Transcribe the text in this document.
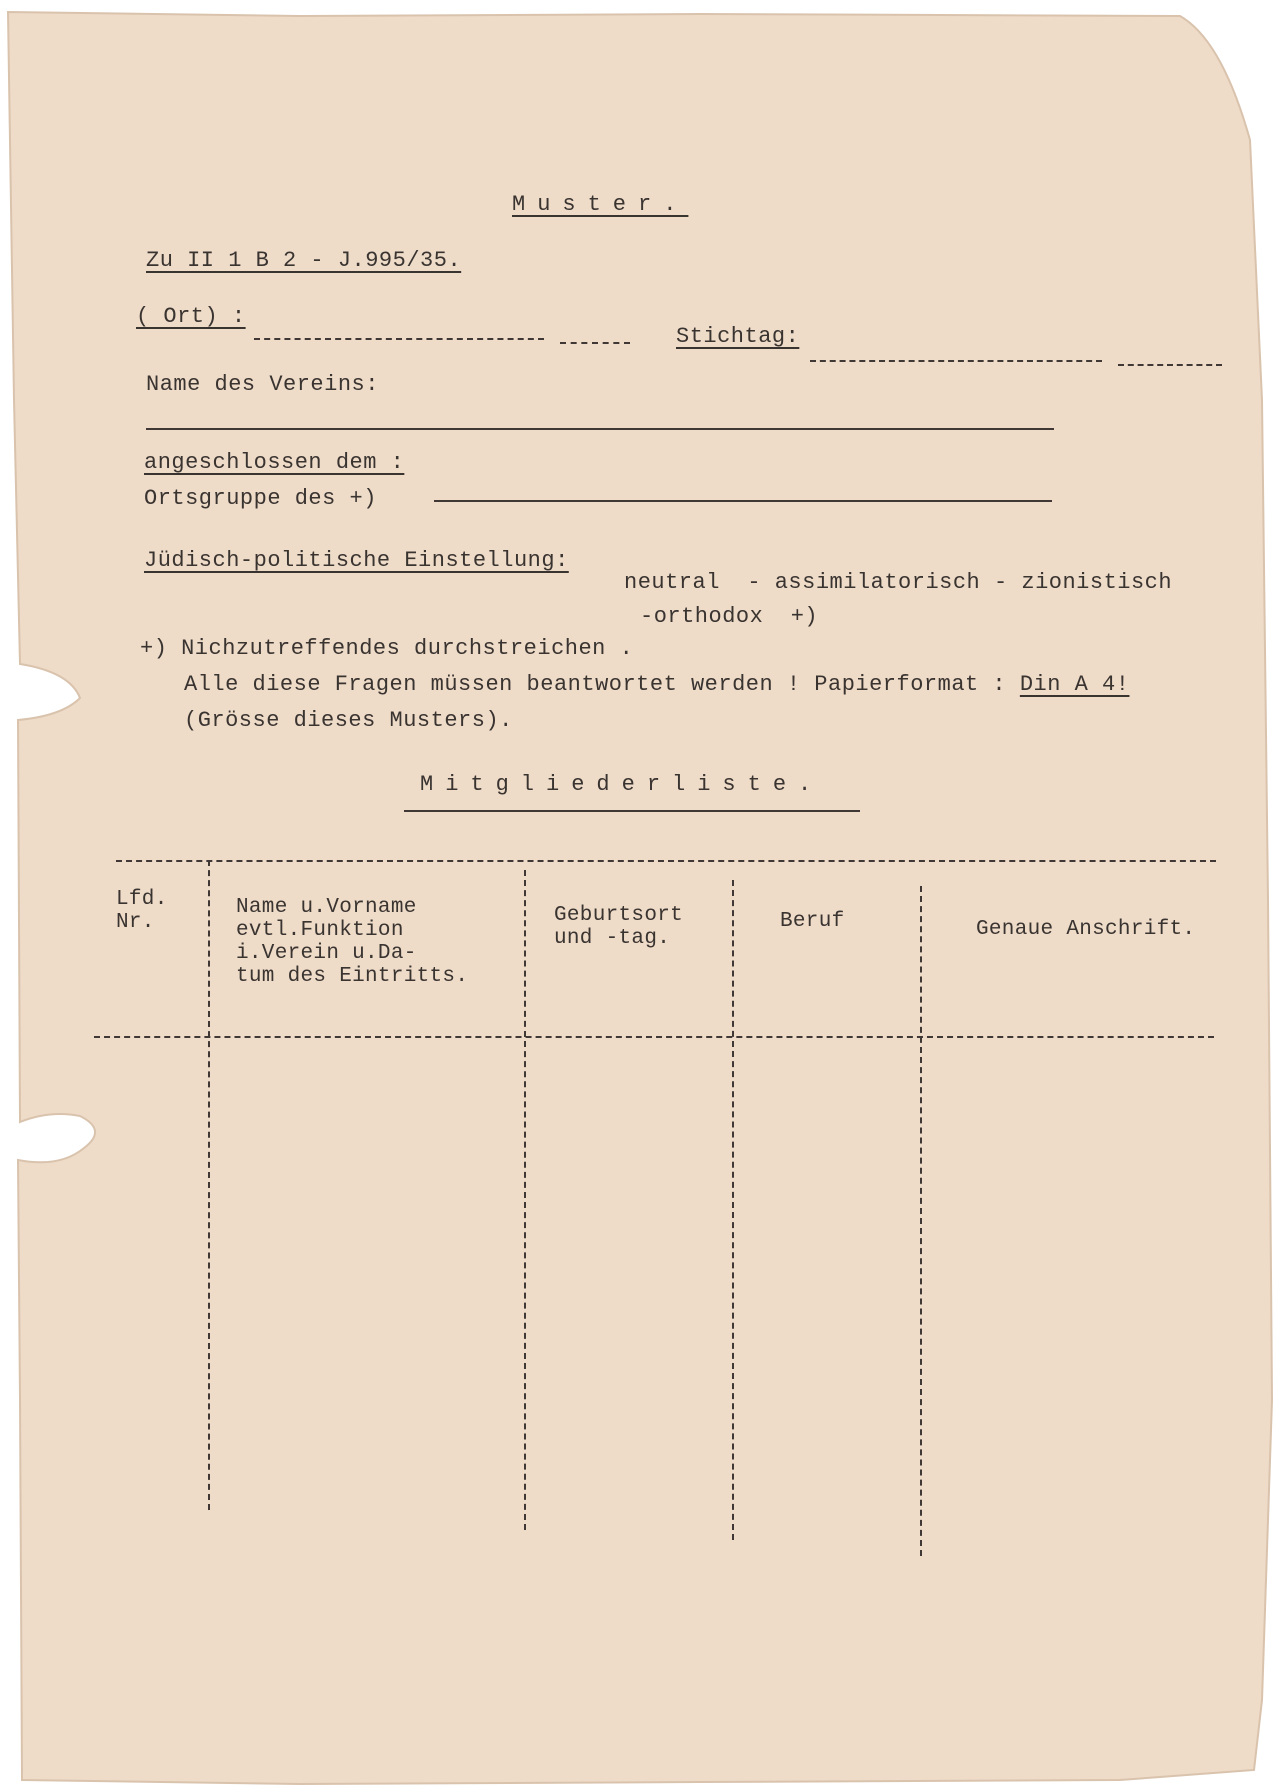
Muster.
Zu II 1 B 2 - J.995/35.
( Ort) :
Stichtag:
Name des Vereins:
angeschlossen dem :
Ortsgruppe des +)
Jüdisch-politische Einstellung:
neutral  - assimilatorisch - zionistisch
-orthodox  +)
+) Nichzutreffendes durchstreichen .
Alle diese Fragen müssen beantwortet werden ! Papierformat : Din A 4!
(Grösse dieses Musters).
Mitgliederliste.
Lfd.
Nr.
Name u.Vorname
evtl.Funktion
i.Verein u.Da-
tum des Eintritts.
Geburtsort
und -tag.
Beruf	Genaue Anschrift.
